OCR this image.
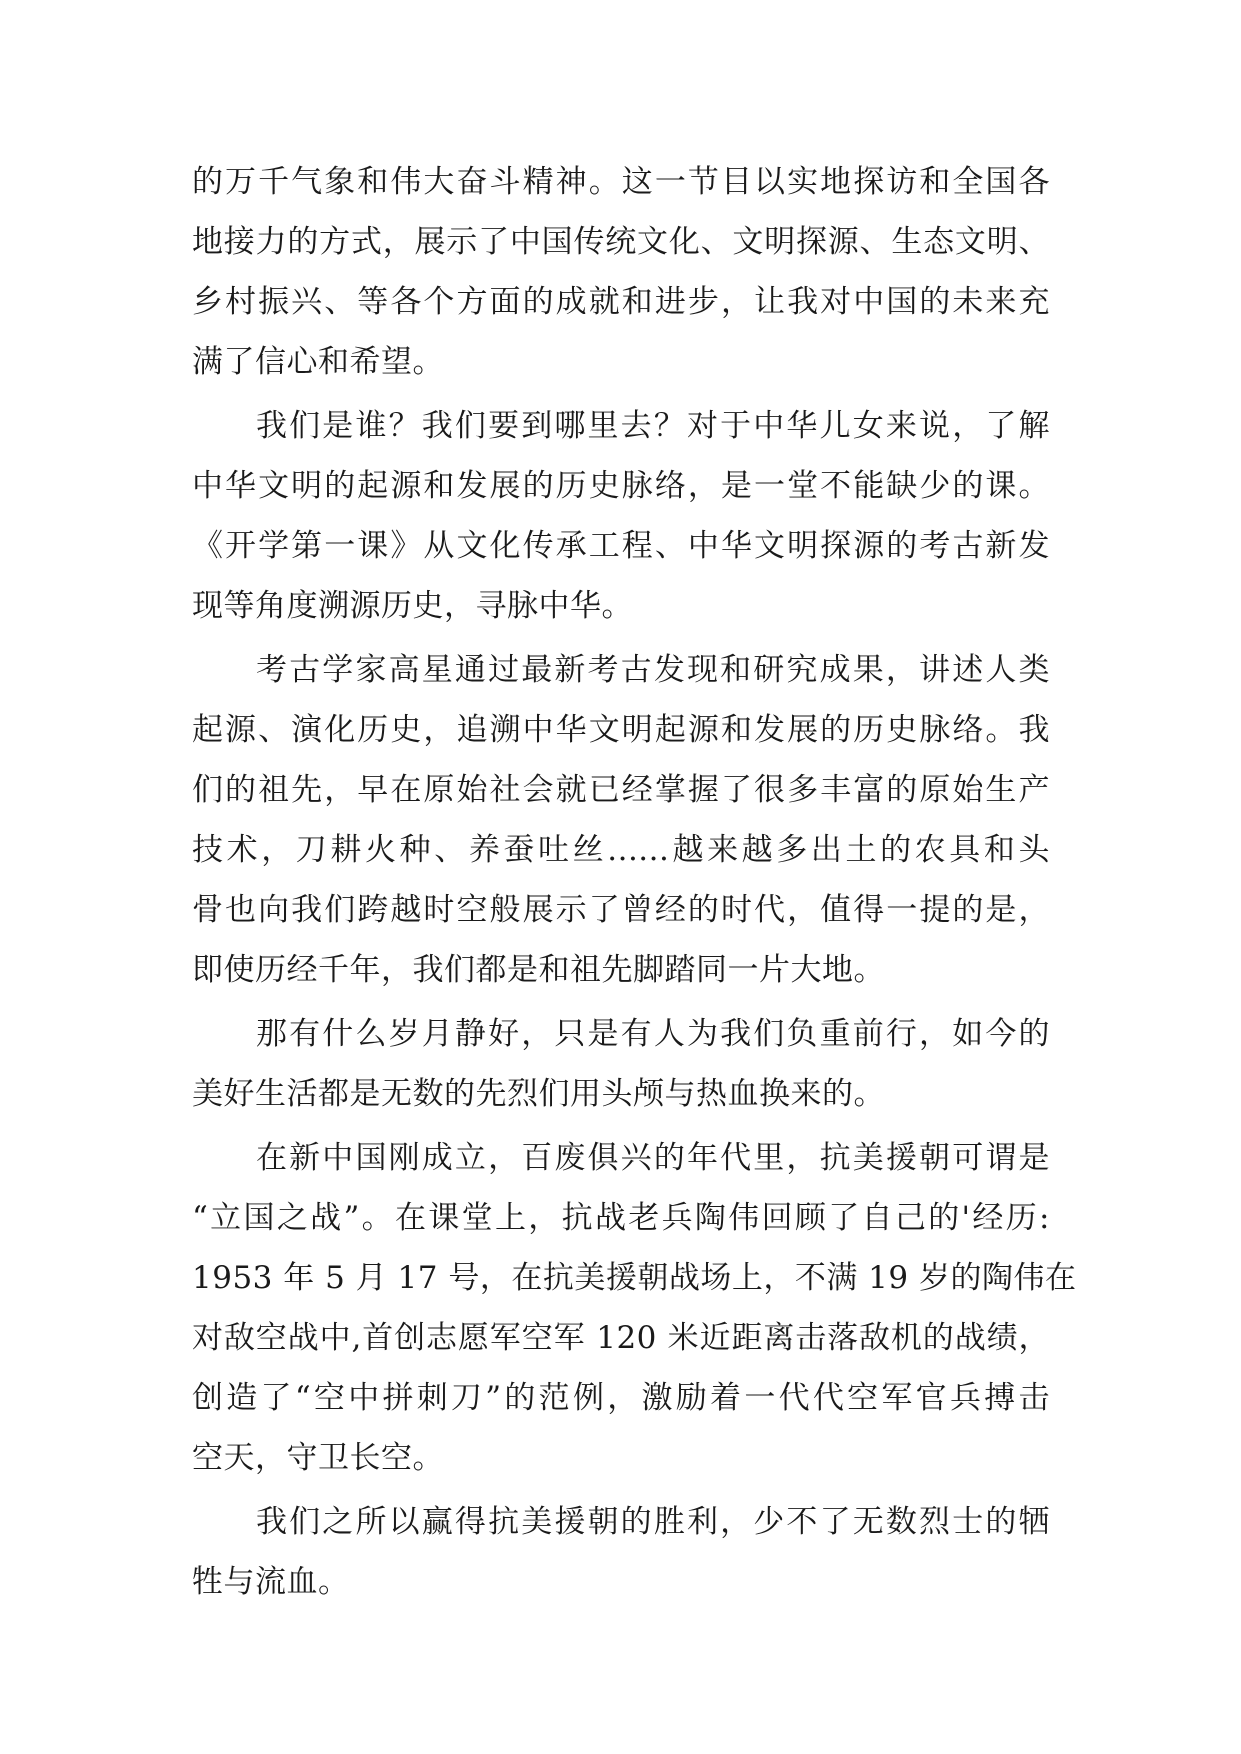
的万千气象和伟大奋斗精神。这一节目以实地探访和全国各
地接力的方式，展示了中国传统文化、文明探源、生态文明、
乡村振兴、等各个方面的成就和进步，让我对中国的未来充
满了信心和希望。
我们是谁？我们要到哪里去？对于中华儿女来说，了解
中华文明的起源和发展的历史脉络，是一堂不能缺少的课。
《开学第一课》从文化传承工程、中华文明探源的考古新发
现等角度溯源历史，寻脉中华。
考古学家高星通过最新考古发现和研究成果，讲述人类
起源、演化历史，追溯中华文明起源和发展的历史脉络。我
们的祖先，早在原始社会就已经掌握了很多丰富的原始生产
技术，刀耕火种、养蚕吐丝......越来越多出土的农具和头
骨也向我们跨越时空般展示了曾经的时代，值得一提的是，
即使历经千年，我们都是和祖先脚踏同一片大地。
那有什么岁月静好，只是有人为我们负重前行，如今的
美好生活都是无数的先烈们用头颅与热血换来的。
在新中国刚成立，百废俱兴的年代里，抗美援朝可谓是
“立国之战”。在课堂上，抗战老兵陶伟回顾了自己的'经历:
1953 年 5 月 17 号，在抗美援朝战场上，不满 19 岁的陶伟在
对敌空战中,首创志愿军空军 120 米近距离击落敌机的战绩，
创造了“空中拼刺刀”的范例，激励着一代代空军官兵搏击
空天，守卫长空。
我们之所以赢得抗美援朝的胜利，少不了无数烈士的牺
牲与流血。
